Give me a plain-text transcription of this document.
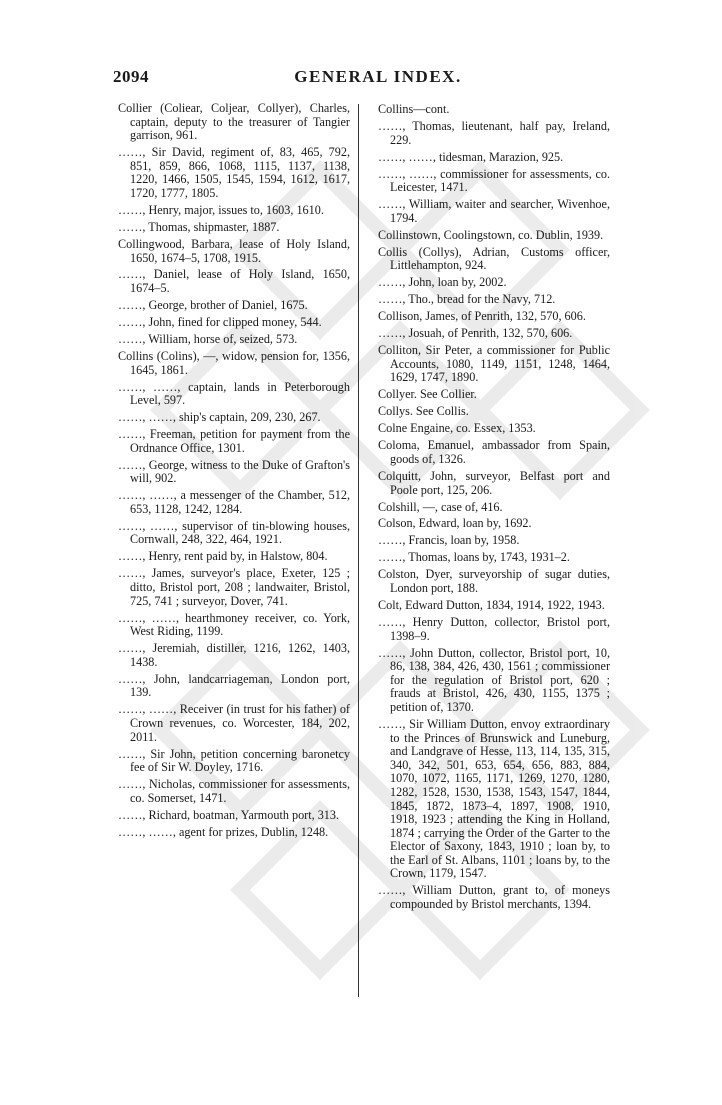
2094	GENERAL INDEX.
Collier (Coliear, Coljear, Collyer), Charles, captain, deputy to the treasurer of Tangier garrison, 961.
……, Sir David, regiment of, 83, 465, 792, 851, 859, 866, 1068, 1115, 1137, 1138, 1220, 1466, 1505, 1545, 1594, 1612, 1617, 1720, 1777, 1805.
……, Henry, major, issues to, 1603, 1610.
……, Thomas, shipmaster, 1887.
Collingwood, Barbara, lease of Holy Island, 1650, 1674–5, 1708, 1915.
……, Daniel, lease of Holy Island, 1650, 1674–5.
……, George, brother of Daniel, 1675.
……, John, fined for clipped money, 544.
……, William, horse of, seized, 573.
Collins (Colins), —, widow, pension for, 1356, 1645, 1861.
……, ……, captain, lands in Peterborough Level, 597.
……, ……, ship's captain, 209, 230, 267.
……, Freeman, petition for payment from the Ordnance Office, 1301.
……, George, witness to the Duke of Grafton's will, 902.
……, ……, a messenger of the Chamber, 512, 653, 1128, 1242, 1284.
……, ……, supervisor of tin-blowing houses, Cornwall, 248, 322, 464, 1921.
……, Henry, rent paid by, in Halstow, 804.
……, James, surveyor's place, Exeter, 125 ; ditto, Bristol port, 208 ; landwaiter, Bristol, 725, 741 ; surveyor, Dover, 741.
……, ……, hearthmoney receiver, co. York, West Riding, 1199.
……, Jeremiah, distiller, 1216, 1262, 1403, 1438.
……, John, landcarriageman, London port, 139.
……, ……, Receiver (in trust for his father) of Crown revenues, co. Worcester, 184, 202, 2011.
……, Sir John, petition concerning baronetcy fee of Sir W. Doyley, 1716.
……, Nicholas, commissioner for assessments, co. Somerset, 1471.
……, Richard, boatman, Yarmouth port, 313.
……, ……, agent for prizes, Dublin, 1248.
Collins—cont.
……, Thomas, lieutenant, half pay, Ireland, 229.
……, ……, tidesman, Marazion, 925.
……, ……, commissioner for assessments, co. Leicester, 1471.
……, William, waiter and searcher, Wivenhoe, 1794.
Collinstown, Coolingstown, co. Dublin, 1939.
Collis (Collys), Adrian, Customs officer, Littlehampton, 924.
……, John, loan by, 2002.
……, Tho., bread for the Navy, 712.
Collison, James, of Penrith, 132, 570, 606.
……, Josuah, of Penrith, 132, 570, 606.
Colliton, Sir Peter, a commissioner for Public Accounts, 1080, 1149, 1151, 1248, 1464, 1629, 1747, 1890.
Collyer. See Collier.
Collys. See Collis.
Colne Engaine, co. Essex, 1353.
Coloma, Emanuel, ambassador from Spain, goods of, 1326.
Colquitt, John, surveyor, Belfast port and Poole port, 125, 206.
Colshill, —, case of, 416.
Colson, Edward, loan by, 1692.
……, Francis, loan by, 1958.
……, Thomas, loans by, 1743, 1931–2.
Colston, Dyer, surveyorship of sugar duties, London port, 188.
Colt, Edward Dutton, 1834, 1914, 1922, 1943.
……, Henry Dutton, collector, Bristol port, 1398–9.
……, John Dutton, collector, Bristol port, 10, 86, 138, 384, 426, 430, 1561 ; commissioner for the regulation of Bristol port, 620 ; frauds at Bristol, 426, 430, 1155, 1375 ; petition of, 1370.
……, Sir William Dutton, envoy extraordinary to the Princes of Brunswick and Luneburg, and Landgrave of Hesse, 113, 114, 135, 315, 340, 342, 501, 653, 654, 656, 883, 884, 1070, 1072, 1165, 1171, 1269, 1270, 1280, 1282, 1528, 1530, 1538, 1543, 1547, 1844, 1845, 1872, 1873–4, 1897, 1908, 1910, 1918, 1923 ; attending the King in Holland, 1874 ; carrying the Order of the Garter to the Elector of Saxony, 1843, 1910 ; loan by, to the Earl of St. Albans, 1101 ; loans by, to the Crown, 1179, 1547.
……, William Dutton, grant to, of moneys compounded by Bristol merchants, 1394.
